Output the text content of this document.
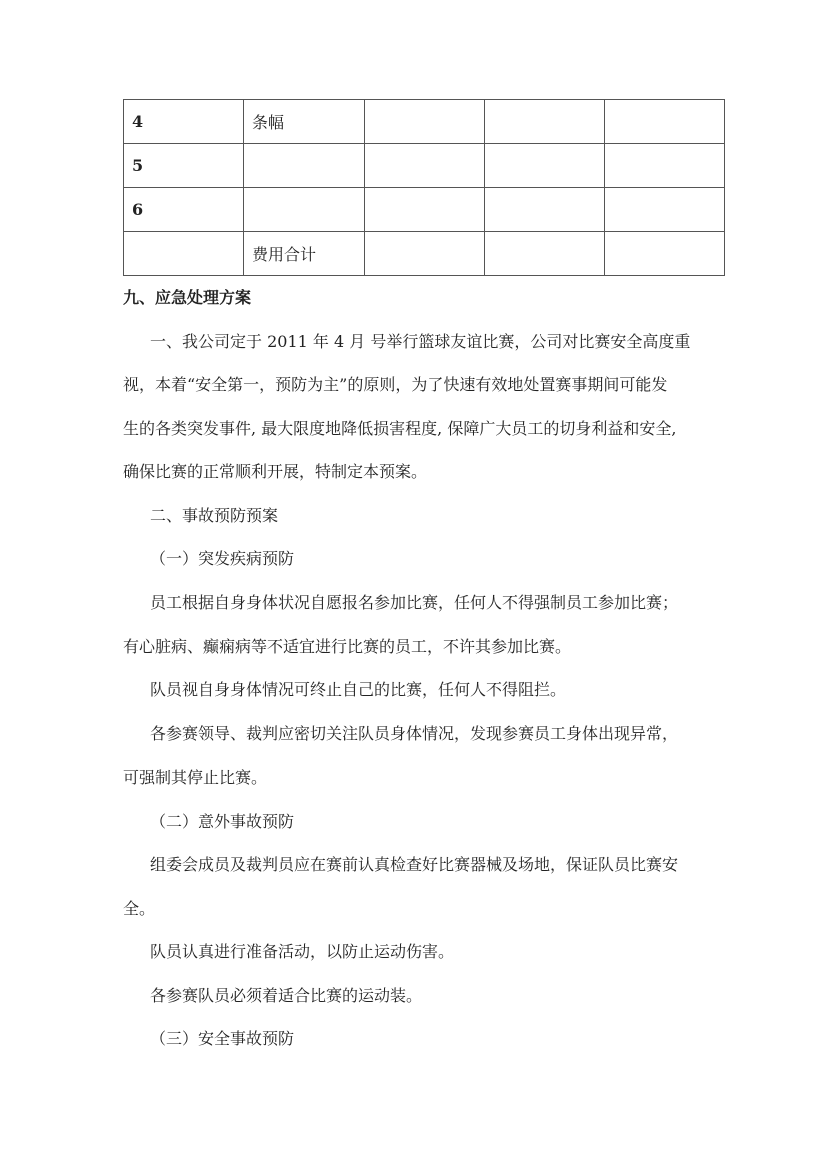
4	条幅			
5				
6				
	费用合计			
九、应急处理方案
一、我公司定于 2011 年 4 月 号举行篮球友谊比赛，公司对比赛安全高度重
视，本着“安全第一，预防为主”的原则，为了快速有效地处置赛事期间可能发
生的各类突发事件, 最大限度地降低损害程度, 保障广大员工的切身利益和安全,
确保比赛的正常顺利开展，特制定本预案。
二、事故预防预案
（一）突发疾病预防
员工根据自身身体状况自愿报名参加比赛，任何人不得强制员工参加比赛；
有心脏病、癫痫病等不适宜进行比赛的员工，不许其参加比赛。
队员视自身身体情况可终止自己的比赛，任何人不得阻拦。
各参赛领导、裁判应密切关注队员身体情况，发现参赛员工身体出现异常，
可强制其停止比赛。
（二）意外事故预防
组委会成员及裁判员应在赛前认真检查好比赛器械及场地，保证队员比赛安
全。
队员认真进行准备活动，以防止运动伤害。
各参赛队员必须着适合比赛的运动装。
（三）安全事故预防
